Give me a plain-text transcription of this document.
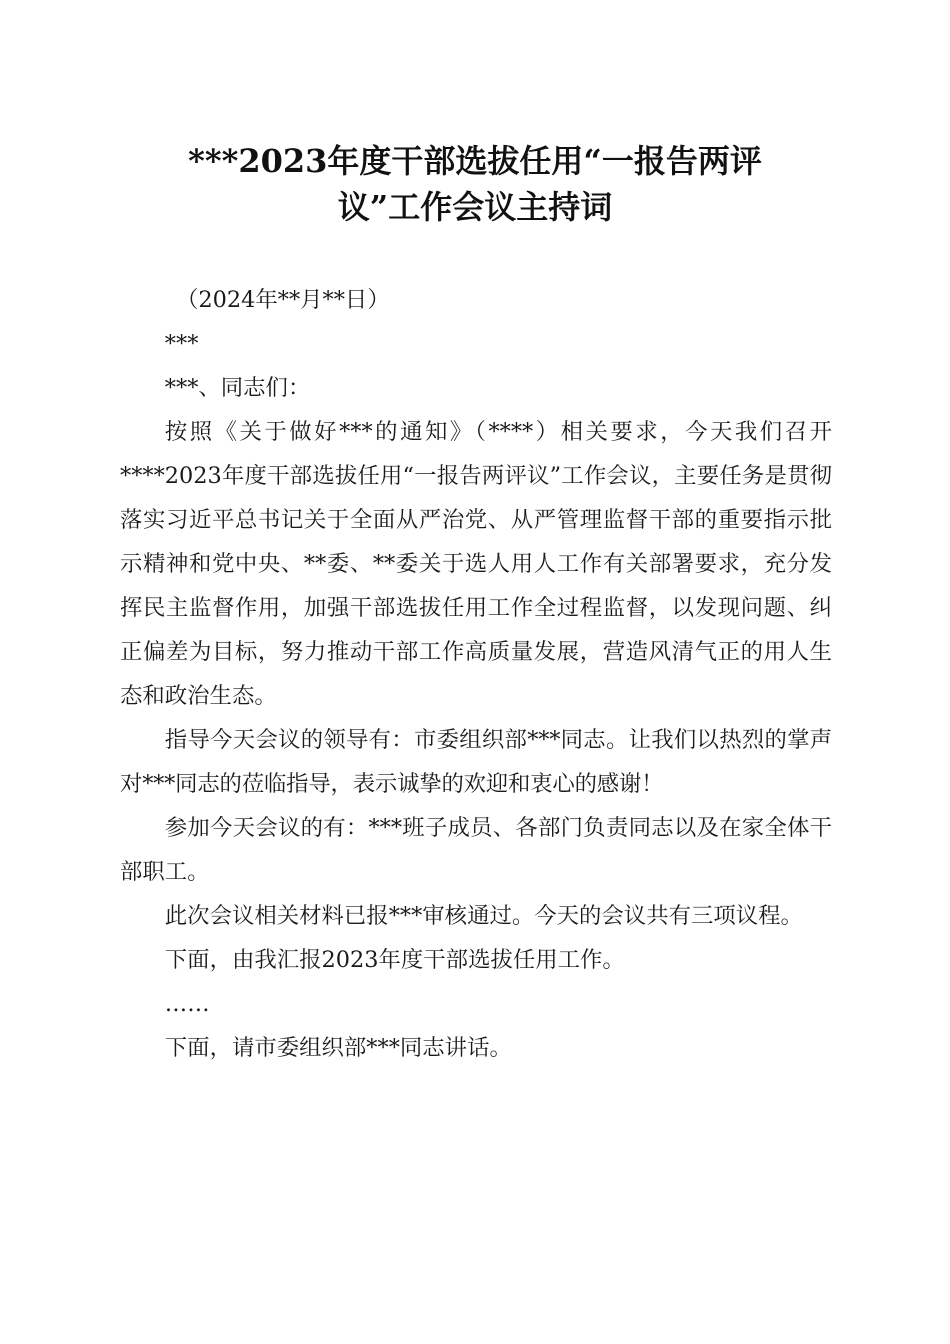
***2023年度干部选拔任用“一报告两评
议”工作会议主持词

（2024年**月**日）

***

***、同志们：

按照《关于做好***的通知》（****）相关要求，今天我们召开****2023年度干部选拔任用“一报告两评议”工作会议，主要任务是贯彻落实习近平总书记关于全面从严治党、从严管理监督干部的重要指示批示精神和党中央、**委、**委关于选人用人工作有关部署要求，充分发挥民主监督作用，加强干部选拔任用工作全过程监督，以发现问题、纠正偏差为目标，努力推动干部工作高质量发展，营造风清气正的用人生态和政治生态。

指导今天会议的领导有：市委组织部***同志。让我们以热烈的掌声对***同志的莅临指导，表示诚挚的欢迎和衷心的感谢！

参加今天会议的有：***班子成员、各部门负责同志以及在家全体干部职工。

此次会议相关材料已报***审核通过。今天的会议共有三项议程。

下面，由我汇报2023年度干部选拔任用工作。

……

下面，请市委组织部***同志讲话。
